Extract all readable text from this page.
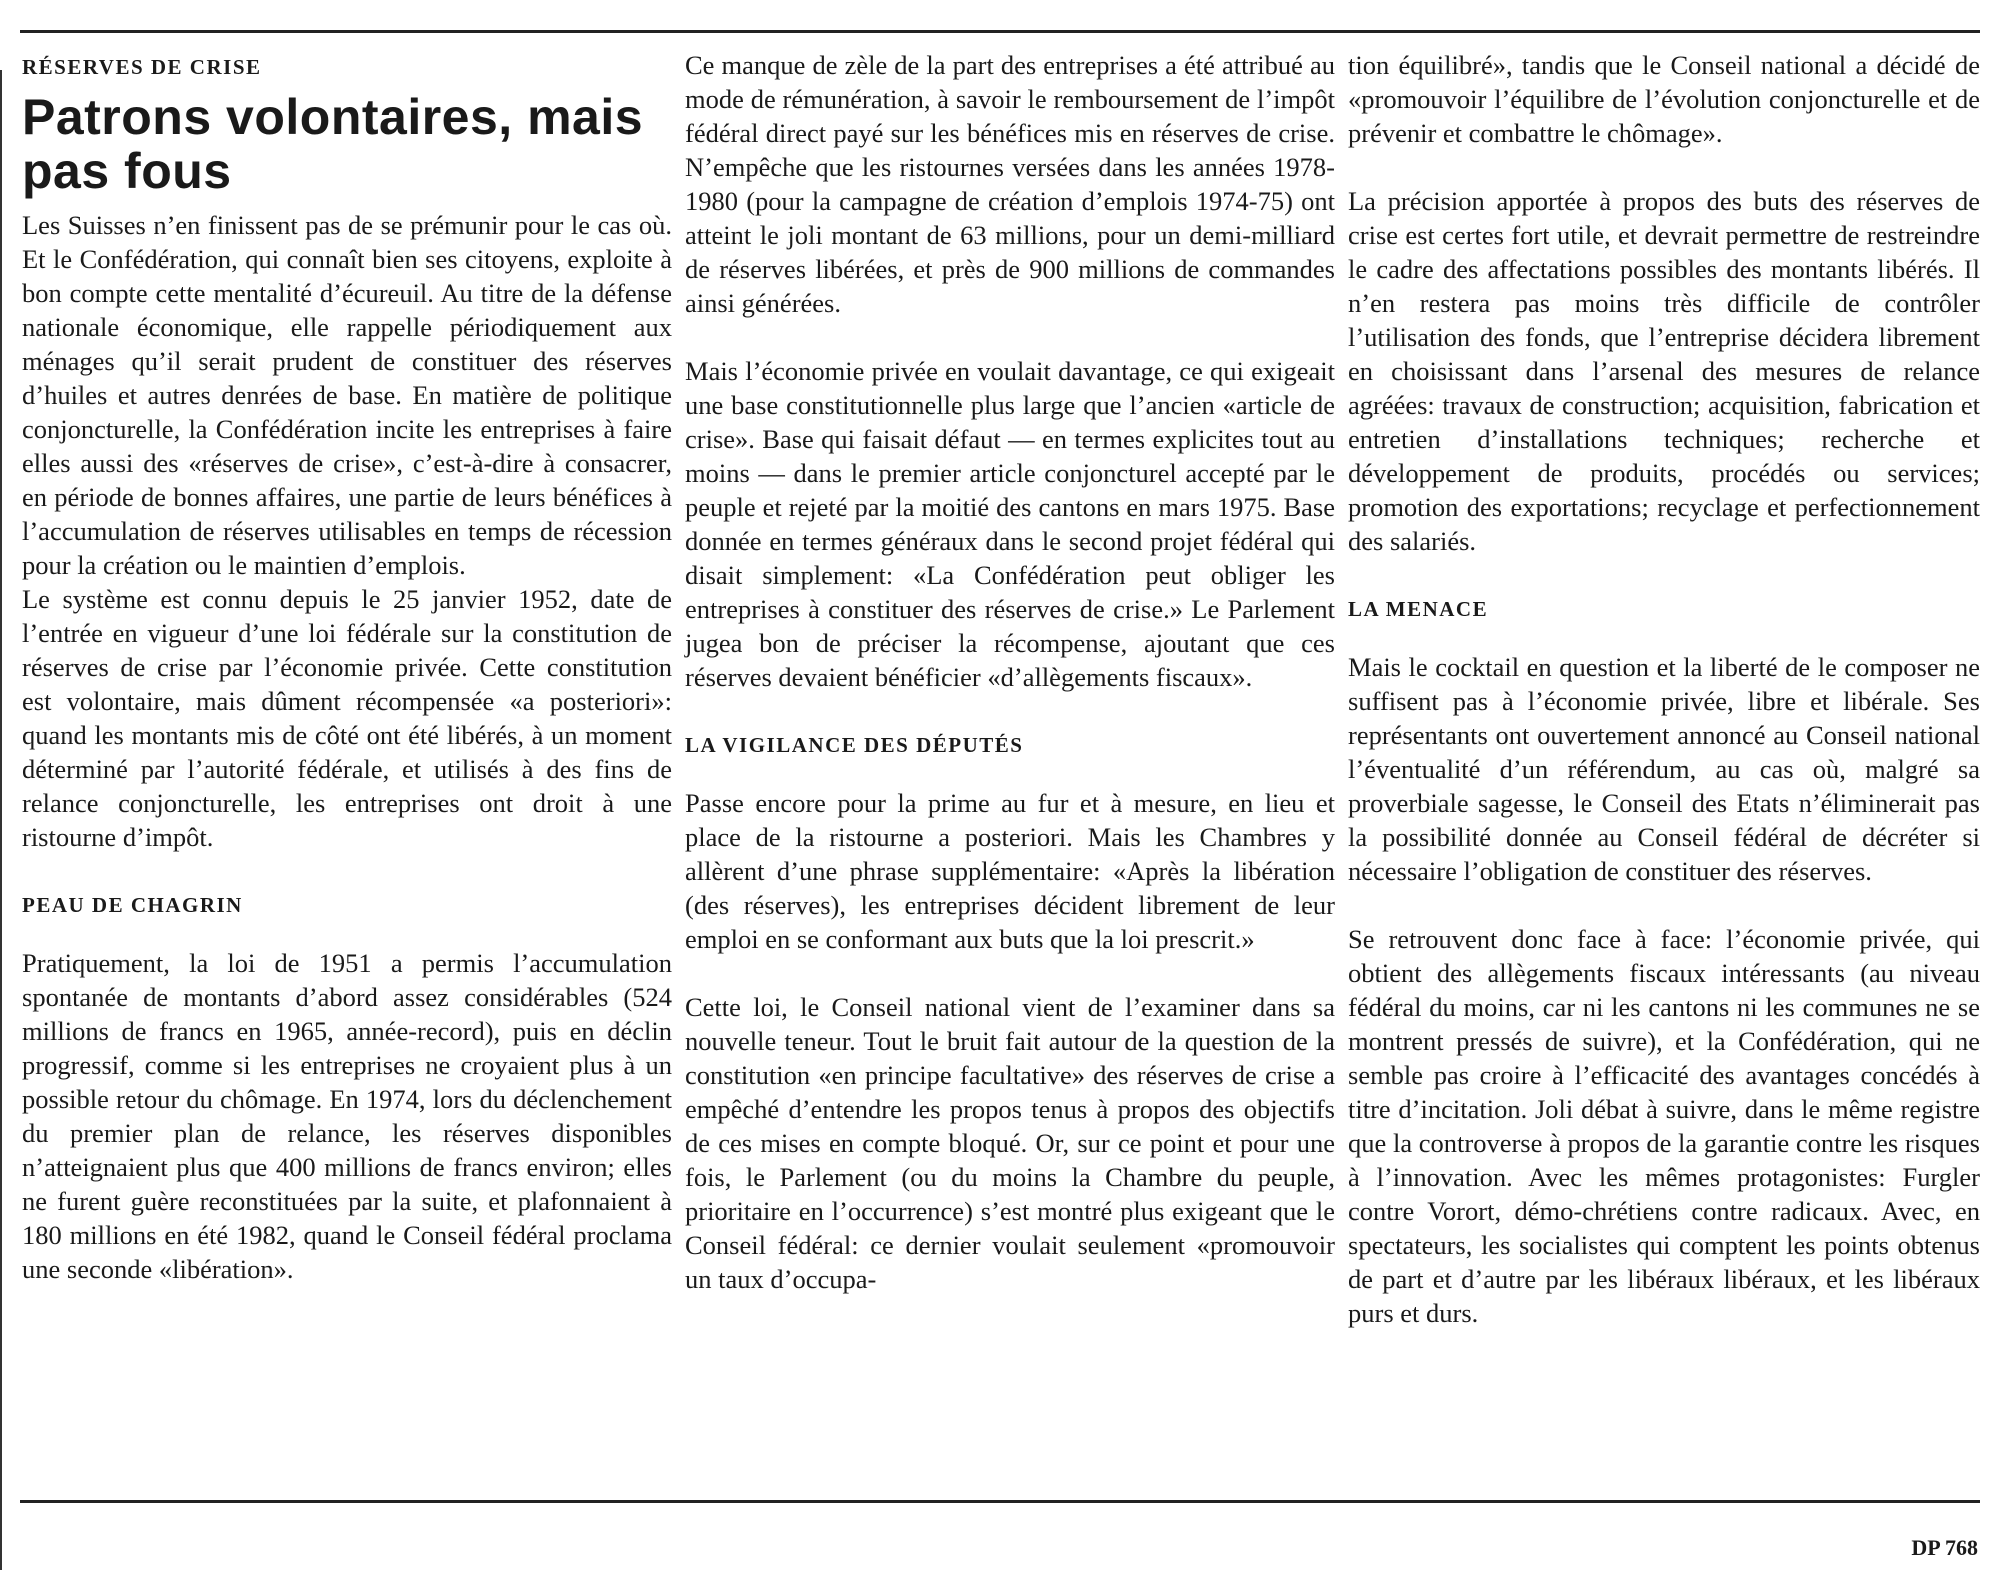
RÉSERVES DE CRISE
Patrons volontaires, mais pas fous

Les Suisses n’en finissent pas de se prémunir pour le cas où. Et le Confédération, qui connaît bien ses citoyens, exploite à bon compte cette mentalité d’écureuil. Au titre de la défense nationale économique, elle rappelle périodiquement aux ménages qu’il serait prudent de constituer des réserves d’huiles et autres denrées de base. En matière de politique conjoncturelle, la Confédération incite les entreprises à faire elles aussi des «réserves de crise», c’est-à-dire à consacrer, en période de bonnes affaires, une partie de leurs bénéfices à l’accumulation de réserves utilisables en temps de récession pour la création ou le maintien d’emplois.

Le système est connu depuis le 25 janvier 1952, date de l’entrée en vigueur d’une loi fédérale sur la constitution de réserves de crise par l’économie privée. Cette constitution est volontaire, mais dûment récompensée «a posteriori»: quand les montants mis de côté ont été libérés, à un moment déterminé par l’autorité fédérale, et utilisés à des fins de relance conjoncturelle, les entreprises ont droit à une ristourne d’impôt.

PEAU DE CHAGRIN

Pratiquement, la loi de 1951 a permis l’accumulation spontanée de montants d’abord assez considérables (524 millions de francs en 1965, année-record), puis en déclin progressif, comme si les entreprises ne croyaient plus à un possible retour du chômage. En 1974, lors du déclenchement du premier plan de relance, les réserves disponibles n’atteignaient plus que 400 millions de francs environ; elles ne furent guère reconstituées par la suite, et plafonnaient à 180 millions en été 1982, quand le Conseil fédéral proclama une seconde «libération».

Ce manque de zèle de la part des entreprises a été attribué au mode de rémunération, à savoir le remboursement de l’impôt fédéral direct payé sur les bénéfices mis en réserves de crise. N’empêche que les ristournes versées dans les années 1978-1980 (pour la campagne de création d’emplois 1974-75) ont atteint le joli montant de 63 millions, pour un demi-milliard de réserves libérées, et près de 900 millions de commandes ainsi générées.

Mais l’économie privée en voulait davantage, ce qui exigeait une base constitutionnelle plus large que l’ancien «article de crise». Base qui faisait défaut — en termes explicites tout au moins — dans le premier article conjoncturel accepté par le peuple et rejeté par la moitié des cantons en mars 1975. Base donnée en termes généraux dans le second projet fédéral qui disait simplement: «La Confédération peut obliger les entreprises à constituer des réserves de crise.» Le Parlement jugea bon de préciser la récompense, ajoutant que ces réserves devaient bénéficier «d’allègements fiscaux».

LA VIGILANCE DES DÉPUTÉS

Passe encore pour la prime au fur et à mesure, en lieu et place de la ristourne a posteriori. Mais les Chambres y allèrent d’une phrase supplémentaire: «Après la libération (des réserves), les entreprises décident librement de leur emploi en se conformant aux buts que la loi prescrit.»

Cette loi, le Conseil national vient de l’examiner dans sa nouvelle teneur. Tout le bruit fait autour de la question de la constitution «en principe facultative» des réserves de crise a empêché d’entendre les propos tenus à propos des objectifs de ces mises en compte bloqué. Or, sur ce point et pour une fois, le Parlement (ou du moins la Chambre du peuple, prioritaire en l’occurrence) s’est montré plus exigeant que le Conseil fédéral: ce dernier voulait seulement «promouvoir un taux d’occupa-

tion équilibré», tandis que le Conseil national a décidé de «promouvoir l’équilibre de l’évolution conjoncturelle et de prévenir et combattre le chômage».

La précision apportée à propos des buts des réserves de crise est certes fort utile, et devrait permettre de restreindre le cadre des affectations possibles des montants libérés. Il n’en restera pas moins très difficile de contrôler l’utilisation des fonds, que l’entreprise décidera librement en choisissant dans l’arsenal des mesures de relance agréées: travaux de construction; acquisition, fabrication et entretien d’installations techniques; recherche et développement de produits, procédés ou services; promotion des exportations; recyclage et perfectionnement des salariés.

LA MENACE

Mais le cocktail en question et la liberté de le composer ne suffisent pas à l’économie privée, libre et libérale. Ses représentants ont ouvertement annoncé au Conseil national l’éventualité d’un référendum, au cas où, malgré sa proverbiale sagesse, le Conseil des Etats n’éliminerait pas la possibilité donnée au Conseil fédéral de décréter si nécessaire l’obligation de constituer des réserves.

Se retrouvent donc face à face: l’économie privée, qui obtient des allègements fiscaux intéressants (au niveau fédéral du moins, car ni les cantons ni les communes ne se montrent pressés de suivre), et la Confédération, qui ne semble pas croire à l’efficacité des avantages concédés à titre d’incitation. Joli débat à suivre, dans le même registre que la controverse à propos de la garantie contre les risques à l’innovation. Avec les mêmes protagonistes: Furgler contre Vorort, démo-chrétiens contre radicaux. Avec, en spectateurs, les socialistes qui comptent les points obtenus de part et d’autre par les libéraux libéraux, et les libéraux purs et durs.

DP 768
